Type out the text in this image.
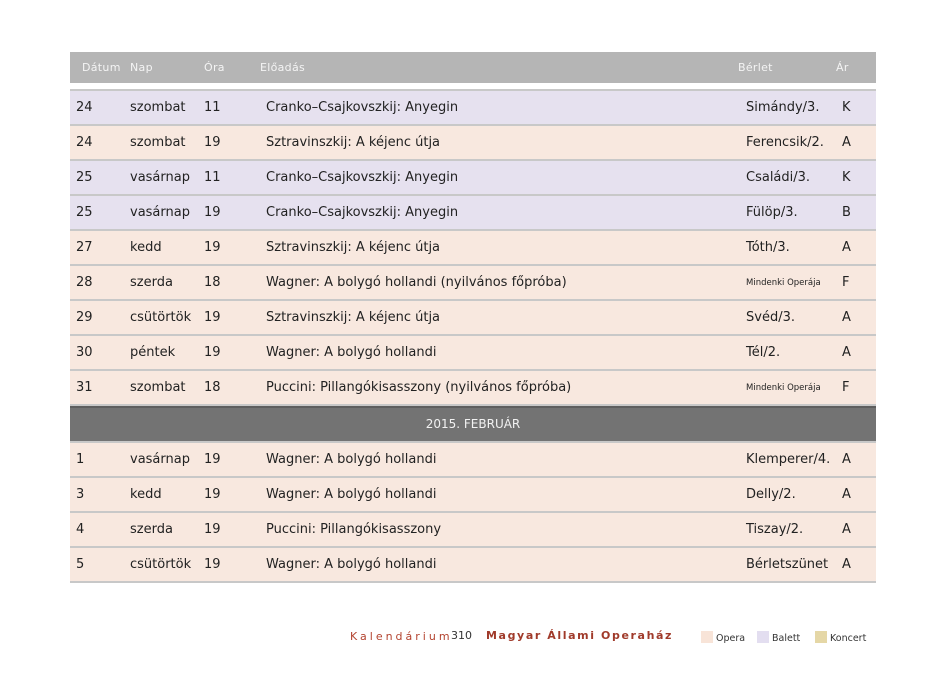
Dátum Nap	Óra	Előadás	Bérlet	Ár
24	szombat 11	Cranko–Csajkovszkij: Anyegin	Simándy/3. K
24	szombat 19	Sztravinszkij: A kéjenc útja	Ferencsik/2. A
25	vasárnap 11	Cranko–Csajkovszkij: Anyegin	Családi/3. K
25	vasárnap 19	Cranko–Csajkovszkij: Anyegin	Fülöp/3.	B
27	kedd	19	Sztravinszkij: A kéjenc útja	Tóth/3.	A
28	szerda 18	Wagner: A bolygó hollandi (nyilvános főpróba)	Mindenki Operája F
29	csütörtök 19	Sztravinszkij: A kéjenc útja	Svéd/3.	A
30	péntek 19	Wagner: A bolygó hollandi	Tél/2.	A
31	szombat 18	Puccini: Pillangókisasszony (nyilvános főpróba)	Mindenki Operája F
2015. FEBRUÁR
1	vasárnap 19	Wagner: A bolygó hollandi	Klemperer/4. A
3	kedd	19	Wagner: A bolygó hollandi	Delly/2.	A
4	szerda 19	Puccini: Pillangókisasszony	Tiszay/2.	A
5	csütörtök 19	Wagner: A bolygó hollandi	Bérletszünet A
Kalendárium
310 Magyar Állami Operaház	Opera	Balett	Koncert
